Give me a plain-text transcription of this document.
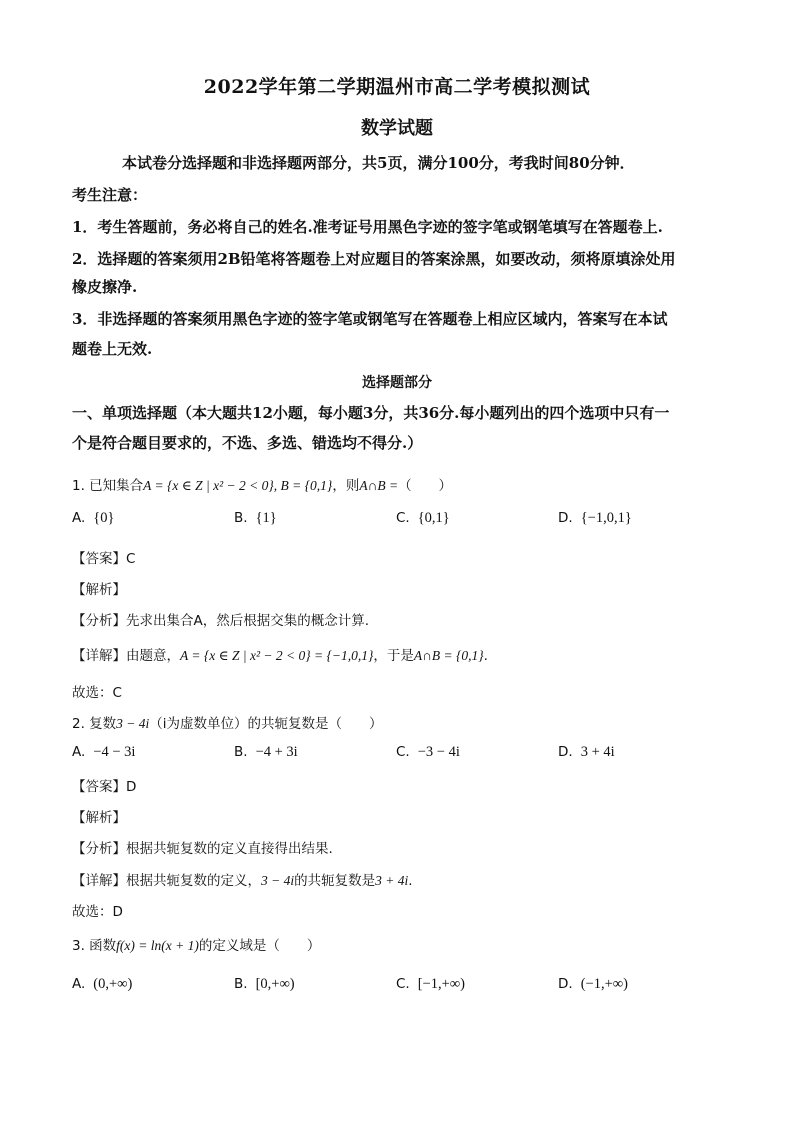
2022学年第二学期温州市高二学考模拟测试
数学试题
本试卷分选择题和非选择题两部分，共5页，满分100分，考我时间80分钟．
考生注意：
1．考生答题前，务必将自己的姓名.准考证号用黑色字迹的签字笔或钢笔填写在答题卷上.
2．选择题的答案须用2B铅笔将答题卷上对应题目的答案涂黑，如要改动，须将原填涂处用
橡皮擦净.
3．非选择题的答案须用黑色字迹的签字笔或钢笔写在答题卷上相应区域内，答案写在本试
题卷上无效.
选择题部分
一、单项选择题（本大题共12小题，每小题3分，共36分.每小题列出的四个选项中只有一
个是符合题目要求的，不选、多选、错选均不得分.）
1. 已知集合A = {x ∈ Z | x² − 2 < 0}, B = {0,1}，则A∩B =（　　）
A. {0}	B. {1}	C. {0,1}	D. {−1,0,1}
【答案】C
【解析】
【分析】先求出集合A，然后根据交集的概念计算.
【详解】由题意，A = {x ∈ Z | x² − 2 < 0} = {−1,0,1}，于是A∩B = {0,1}.
故选：C
2. 复数3 − 4i（i为虚数单位）的共轭复数是（　　）
A. −4 − 3i	B. −4 + 3i	C. −3 − 4i	D. 3 + 4i
【答案】D
【解析】
【分析】根据共轭复数的定义直接得出结果.
【详解】根据共轭复数的定义，3 − 4i的共轭复数是3 + 4i.
故选：D
3. 函数f(x) = ln(x + 1)的定义域是（　　）
A. (0,+∞)	B. [0,+∞)	C. [−1,+∞)	D. (−1,+∞)
